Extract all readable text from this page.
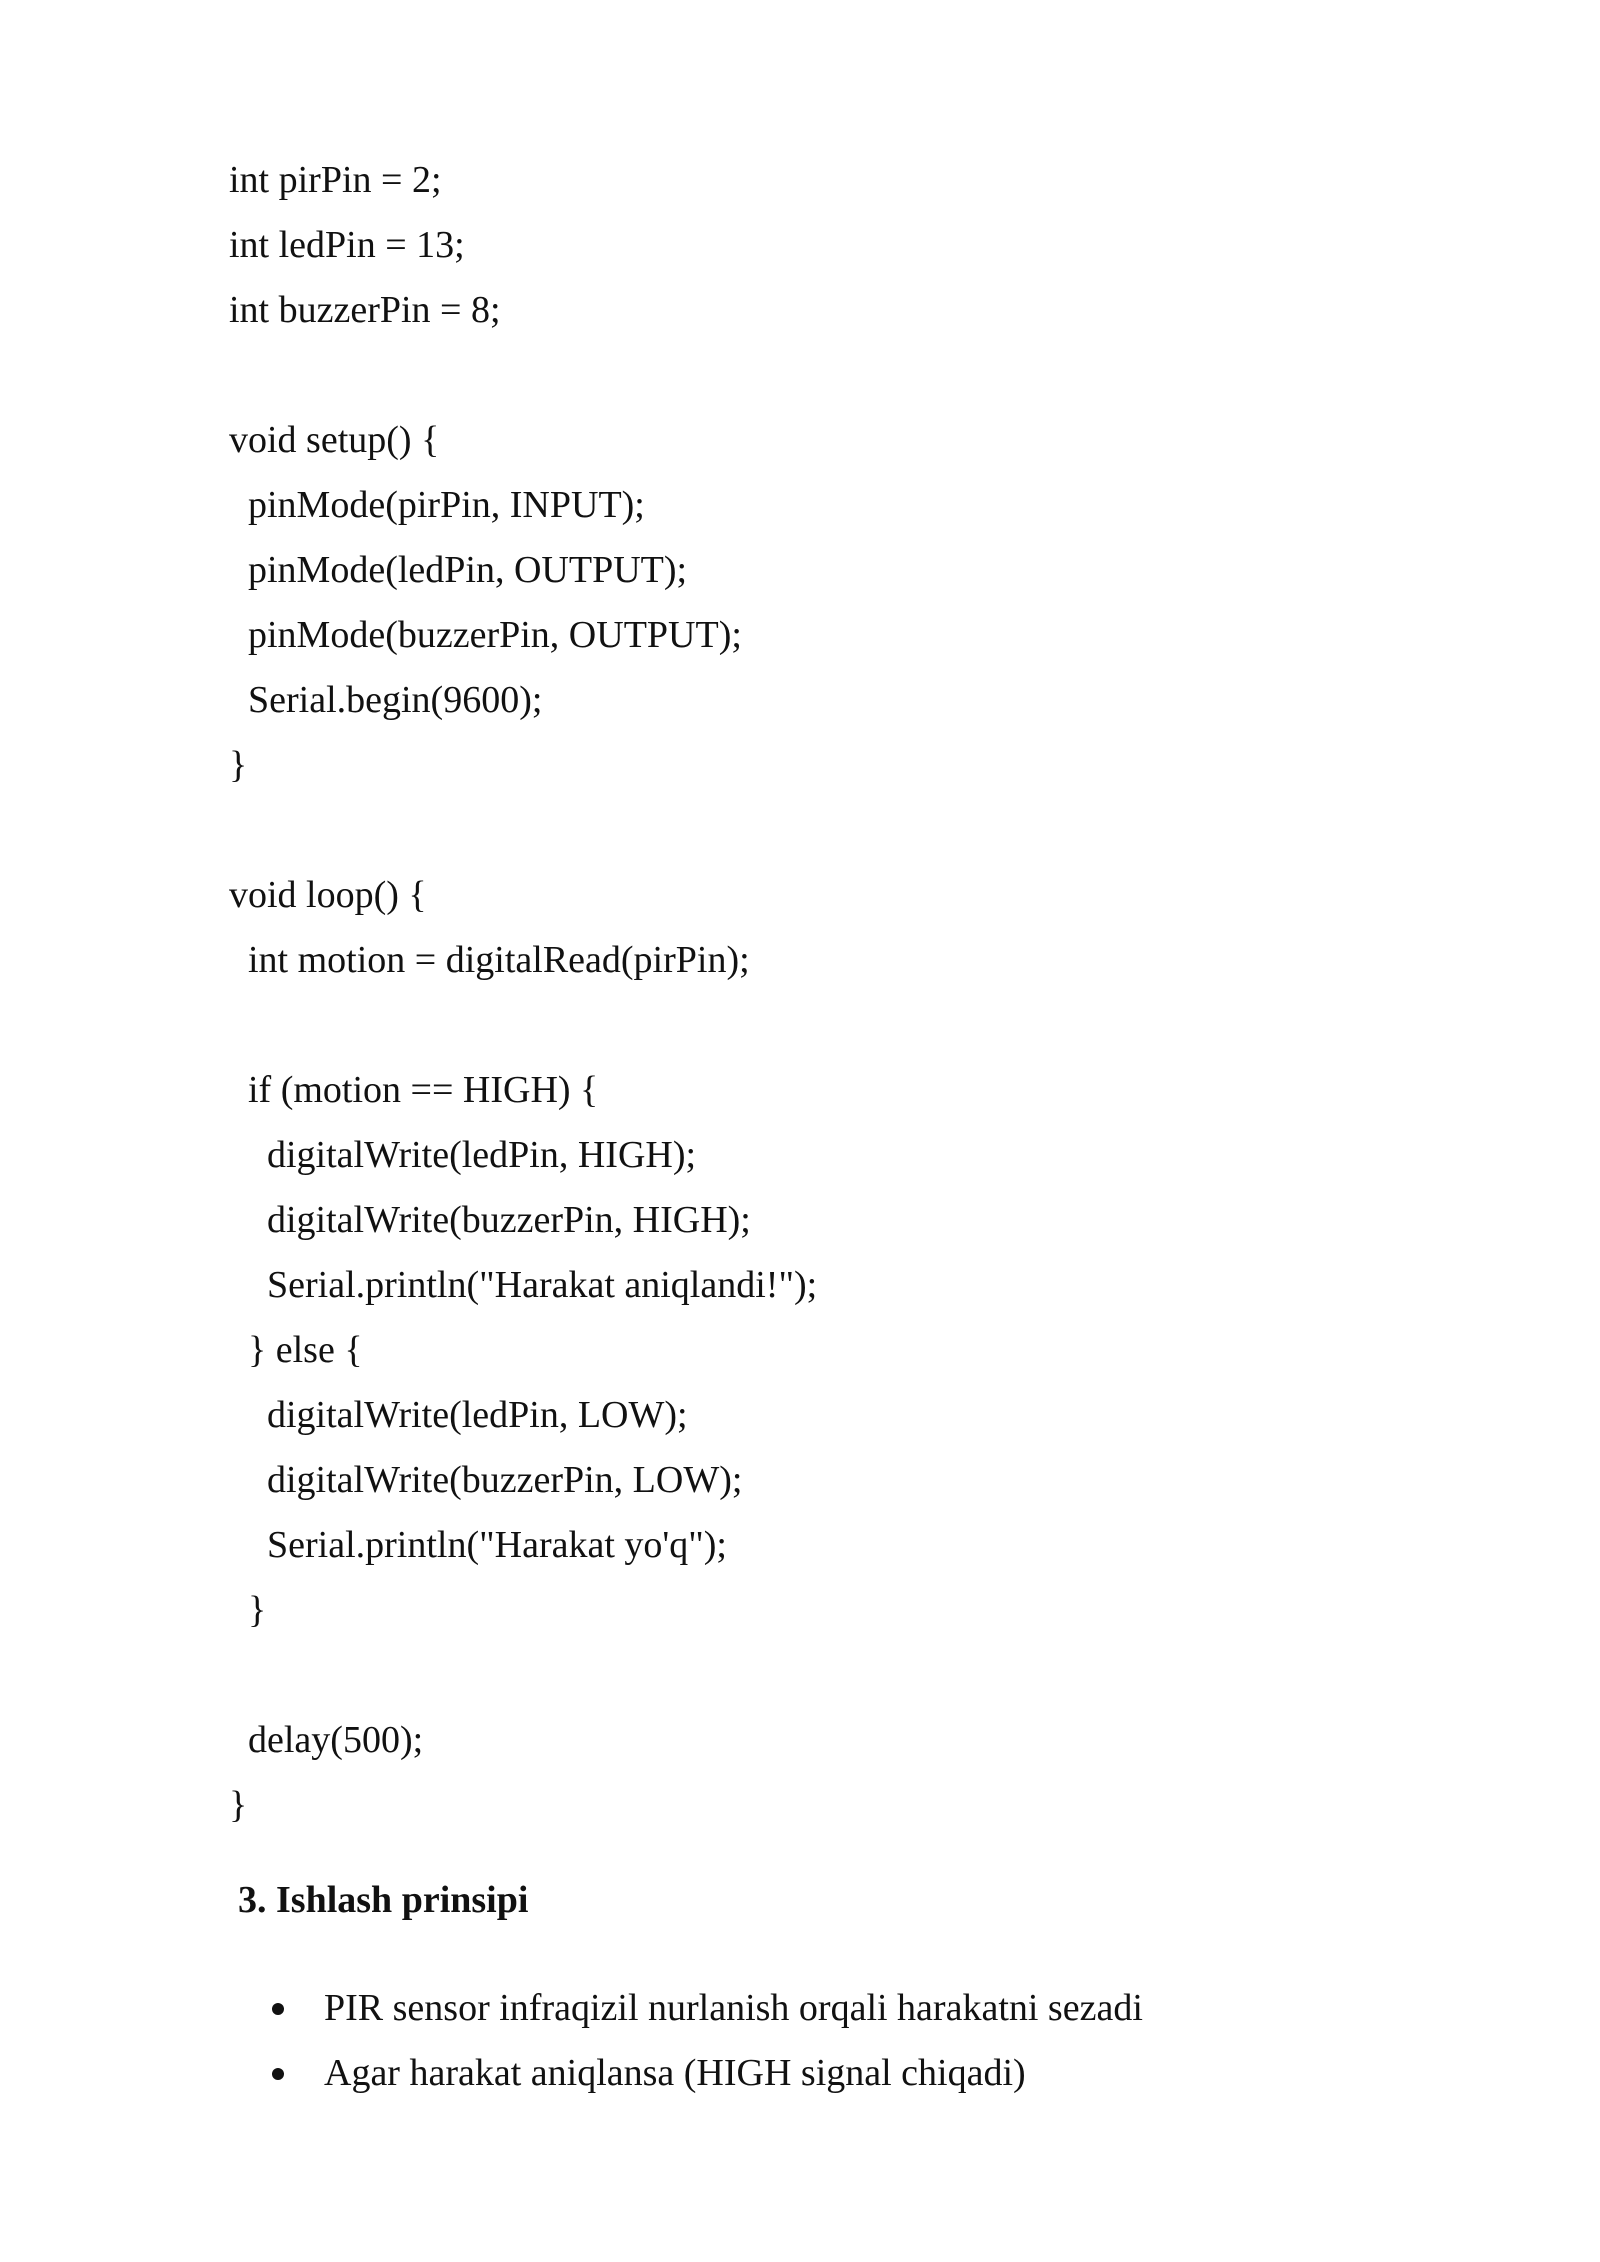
int pirPin = 2;
int ledPin = 13;
int buzzerPin = 8;
void setup() {
pinMode(pirPin, INPUT);
pinMode(ledPin, OUTPUT);
pinMode(buzzerPin, OUTPUT);
Serial.begin(9600);
}
void loop() {
int motion = digitalRead(pirPin);
if (motion == HIGH) {
digitalWrite(ledPin, HIGH);
digitalWrite(buzzerPin, HIGH);
Serial.println("Harakat aniqlandi!");
} else {
digitalWrite(ledPin, LOW);
digitalWrite(buzzerPin, LOW);
Serial.println("Harakat yo'q");
}
delay(500);
}
3. Ishlash prinsipi
PIR sensor infraqizil nurlanish orqali harakatni sezadi
Agar harakat aniqlansa (HIGH signal chiqadi)
